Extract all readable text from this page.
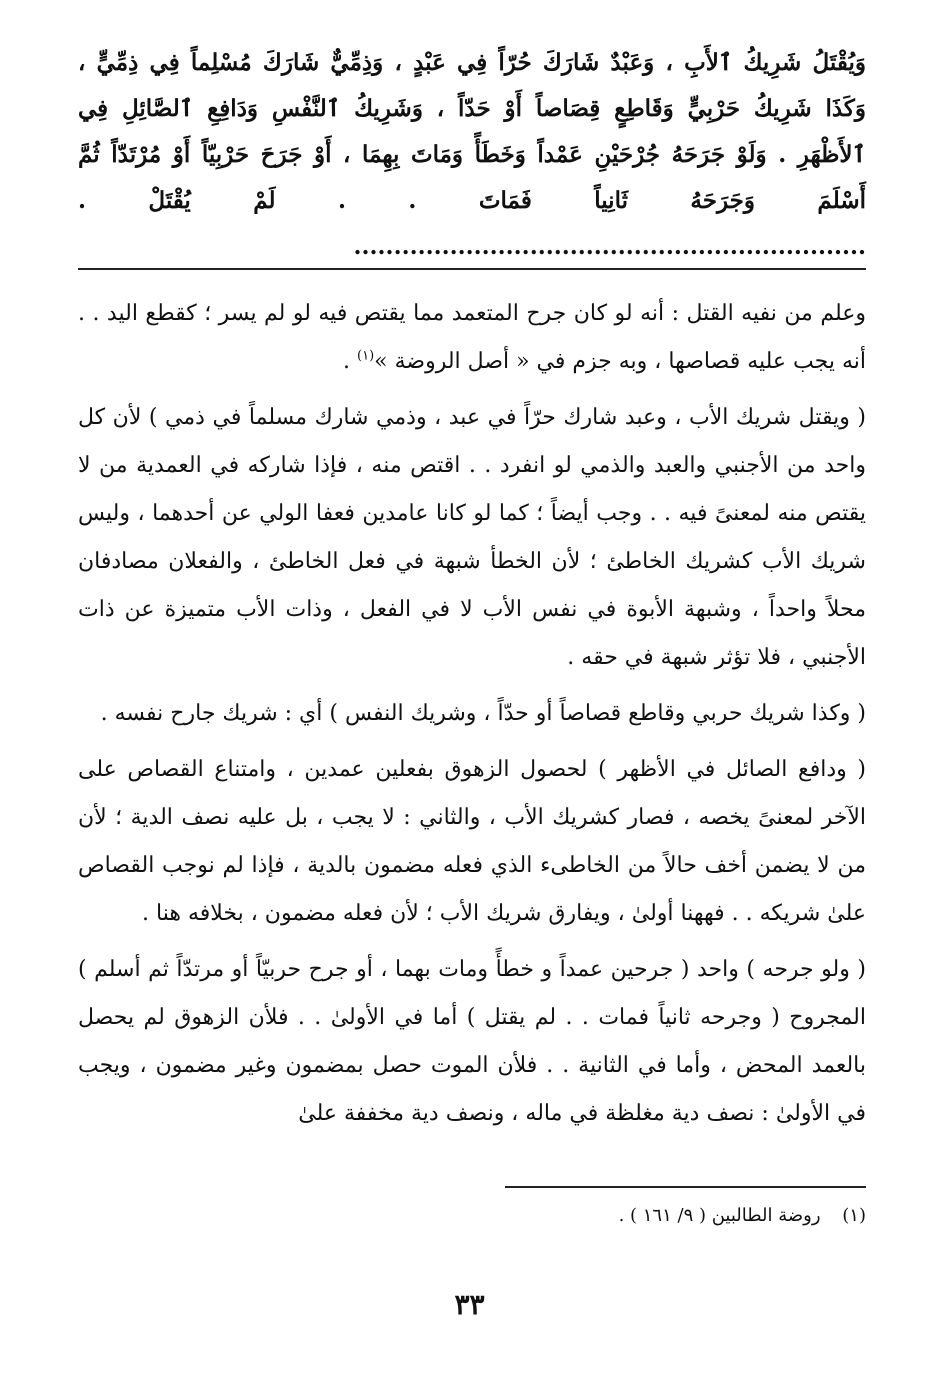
وَيُقْتَلُ شَرِيكُ ٱلأَبِ ، وَعَبْدٌ شَارَكَ حُرّاً فِي عَبْدٍ ، وَذِمِّيٌّ شَارَكَ مُسْلِماً فِي ذِمِّيٍّ ، وَكَذَا شَرِيكُ حَرْبِيٍّ وَقَاطِعٍ قِصَاصاً أَوْ حَدّاً ، وَشَرِيكُ ٱلنَّفْسِ وَدَافِعِ ٱلصَّائِلِ فِي ٱلأَظْهَرِ . وَلَوْ جَرَحَهُ جُرْحَيْنِ عَمْداً وَخَطَأً وَمَاتَ بِهِمَا ، أَوْ جَرَحَ حَرْبِيّاً أَوْ مُرْتَدّاً ثُمَّ أَسْلَمَ وَجَرَحَهُ ثَانِياً فَمَاتَ . . لَمْ يُقْتَلْ . ................................................................

وعلم من نفيه القتل : أنه لو كان جرح المتعمد مما يقتص فيه لو لم يسر ؛ كقطع اليد . . أنه يجب عليه قصاصها ، وبه جزم في « أصل الروضة »$^{(١)}$ .

( ويقتل شريك الأب ، وعبد شارك حرّاً في عبد ، وذمي شارك مسلماً في ذمي ) لأن كل واحد من الأجنبي والعبد والذمي لو انفرد . . اقتص منه ، فإذا شاركه في العمدية من لا يقتص منه لمعنىً فيه . . وجب أيضاً ؛ كما لو كانا عامدين فعفا الولي عن أحدهما ، وليس شريك الأب كشريك الخاطئ ؛ لأن الخطأ شبهة في فعل الخاطئ ، والفعلان مصادفان محلاً واحداً ، وشبهة الأبوة في نفس الأب لا في الفعل ، وذات الأب متميزة عن ذات الأجنبي ، فلا تؤثر شبهة في حقه .

( وكذا شريك حربي وقاطع قصاصاً أو حدّاً ، وشريك النفس ) أي : شريك جارح نفسه .

( ودافع الصائل في الأظهر ) لحصول الزهوق بفعلين عمدين ، وامتناع القصاص على الآخر لمعنىً يخصه ، فصار كشريك الأب ، والثاني : لا يجب ، بل عليه نصف الدية ؛ لأن من لا يضمن أخف حالاً من الخاطىء الذي فعله مضمون بالدية ، فإذا لم نوجب القصاص علىٰ شريكه . . فههنا أولىٰ ، ويفارق شريك الأب ؛ لأن فعله مضمون ، بخلافه هنا .

( ولو جرحه ) واحد ( جرحين عمداً و خطأً ومات بهما ، أو جرح حربيّاً أو مرتدّاً ثم أسلم ) المجروح ( وجرحه ثانياً فمات . . لم يقتل ) أما في الأولىٰ . . فلأن الزهوق لم يحصل بالعمد المحض ، وأما في الثانية . . فلأن الموت حصل بمضمون وغير مضمون ، ويجب في الأولىٰ : نصف دية مغلظة في ماله ، ونصف دية مخففة علىٰ

(١) روضة الطالبين ( ٩/ ١٦١ ) .
٣٣
